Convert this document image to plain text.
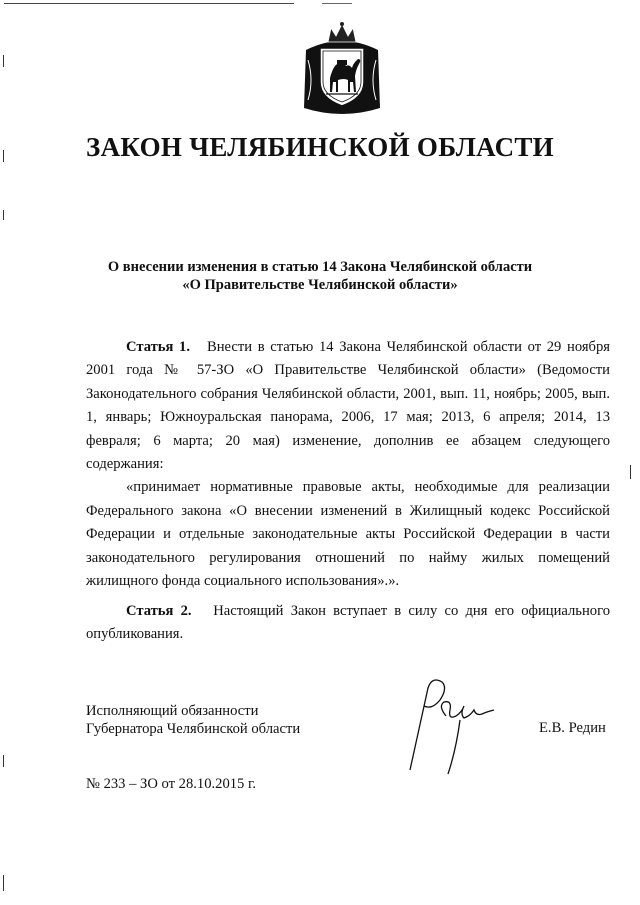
ЗАКОН ЧЕЛЯБИНСКОЙ ОБЛАСТИ
О внесении изменения в статью 14 Закона Челябинской области
«О Правительстве Челябинской области»
Статья 1. Внести в статью 14 Закона Челябинской области от 29 ноября 2001 года № 57-ЗО «О Правительстве Челябинской области» (Ведомости Законодательного собрания Челябинской области, 2001, вып. 11, ноябрь; 2005, вып. 1, январь; Южноуральская панорама, 2006, 17 мая; 2013, 6 апреля; 2014, 13 февраля; 6 марта; 20 мая) изменение, дополнив ее абзацем следующего содержания:
«принимает нормативные правовые акты, необходимые для реализации Федерального закона «О внесении изменений в Жилищный кодекс Российской Федерации и отдельные законодательные акты Российской Федерации в части законодательного регулирования отношений по найму жилых помещений жилищного фонда социального использования».».
Статья 2. Настоящий Закон вступает в силу со дня его официального опубликования.
Исполняющий обязанности
Губернатора Челябинской области	Е.В. Редин
№ 233 – ЗО от 28.10.2015 г.
